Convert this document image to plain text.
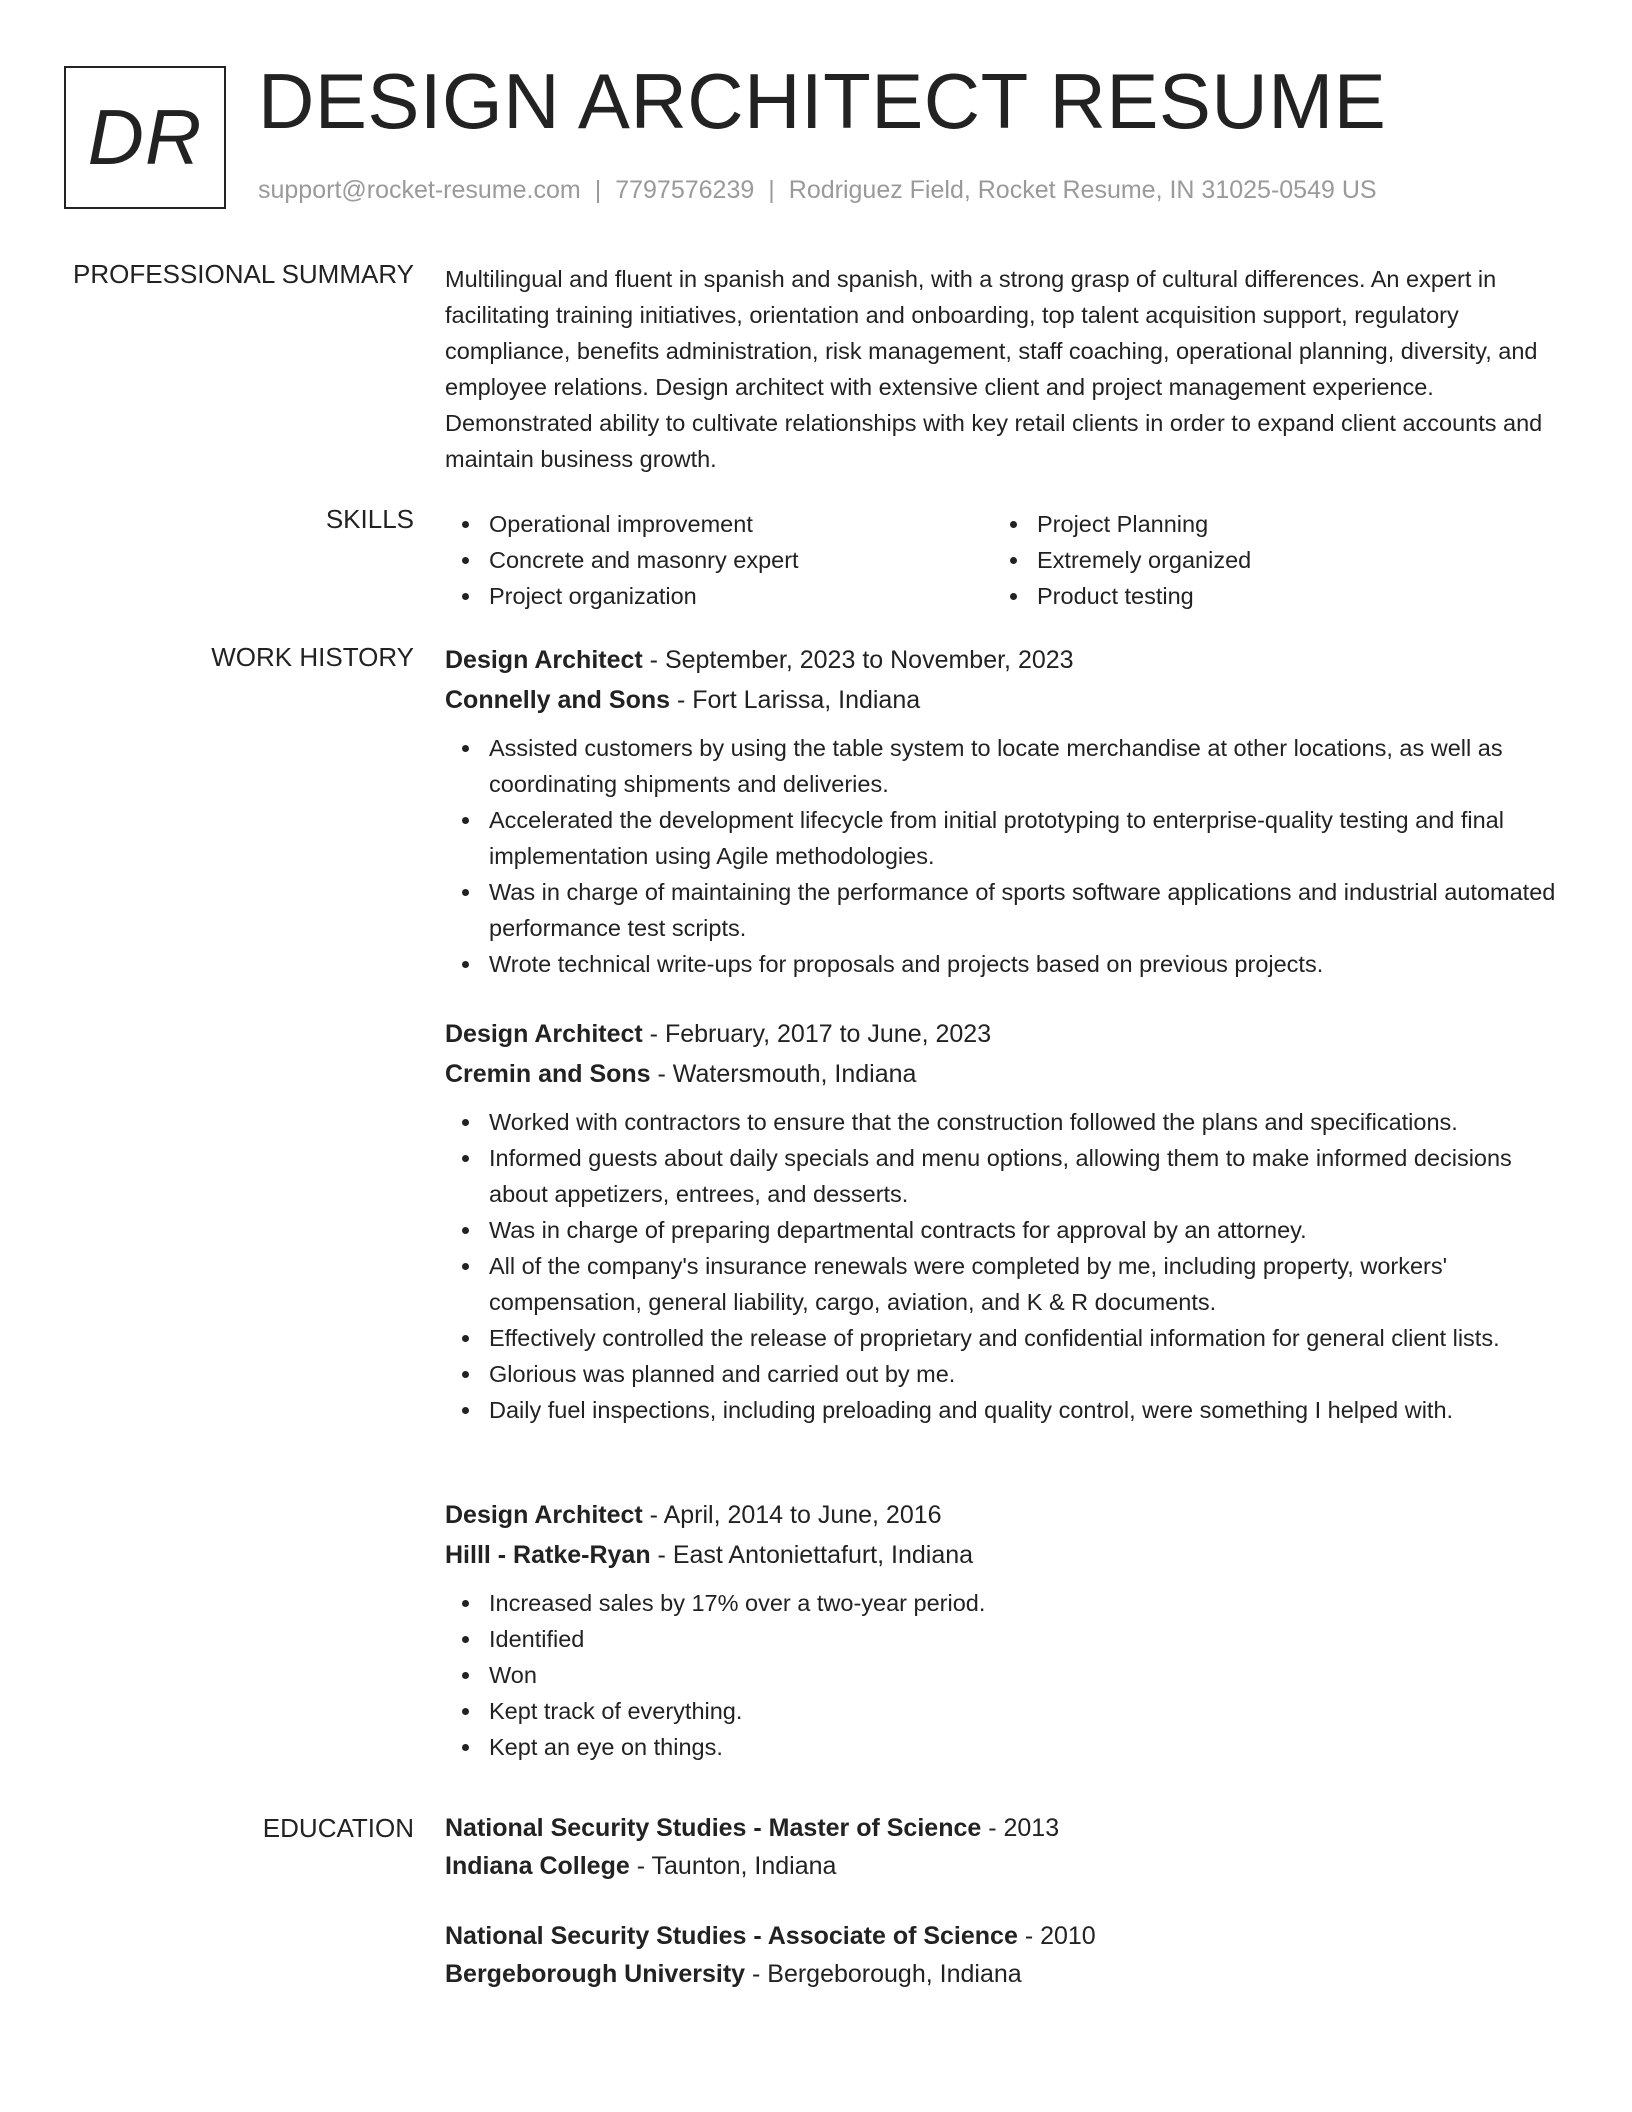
DR DESIGN ARCHITECT RESUME
support@rocket-resume.com | 7797576239 | Rodriguez Field, Rocket Resume, IN 31025-0549 US
PROFESSIONAL SUMMARY Multilingual and fluent in spanish and spanish, with a strong grasp of cultural differences. An expert in facilitating training initiatives, orientation and onboarding, top talent acquisition support, regulatory compliance, benefits administration, risk management, staff coaching, operational planning, diversity, and employee relations. Design architect with extensive client and project management experience. Demonstrated ability to cultivate relationships with key retail clients in order to expand client accounts and maintain business growth.

SKILLS	Operational improvement
Concrete and masonry expert
Project organization
Project Planning
Extremely organized
Product testing
WORK HISTORY Design Architect - September, 2023 to November, 2023
Connelly and Sons - Fort Larissa, Indiana
Assisted customers by using the table system to locate merchandise at other locations, as well as coordinating shipments and deliveries.
Accelerated the development lifecycle from initial prototyping to enterprise-quality testing and final implementation using Agile methodologies.
Was in charge of maintaining the performance of sports software applications and industrial automated performance test scripts.
Wrote technical write-ups for proposals and projects based on previous projects.
Design Architect - February, 2017 to June, 2023
Cremin and Sons - Watersmouth, Indiana
Worked with contractors to ensure that the construction followed the plans and specifications.
Informed guests about daily specials and menu options, allowing them to make informed decisions about appetizers, entrees, and desserts.
Was in charge of preparing departmental contracts for approval by an attorney.
All of the company's insurance renewals were completed by me, including property, workers' compensation, general liability, cargo, aviation, and K & R documents.
Effectively controlled the release of proprietary and confidential information for general client lists.
Glorious was planned and carried out by me.
Daily fuel inspections, including preloading and quality control, were something I helped with.
Design Architect - April, 2014 to June, 2016
Hilll - Ratke-Ryan - East Antoniettafurt, Indiana
Increased sales by 17% over a two-year period.
Identified
Won
Kept track of everything.
Kept an eye on things.
EDUCATION National Security Studies - Master of Science - 2013
Indiana College - Taunton, Indiana
National Security Studies - Associate of Science - 2010
Bergeborough University - Bergeborough, Indiana
